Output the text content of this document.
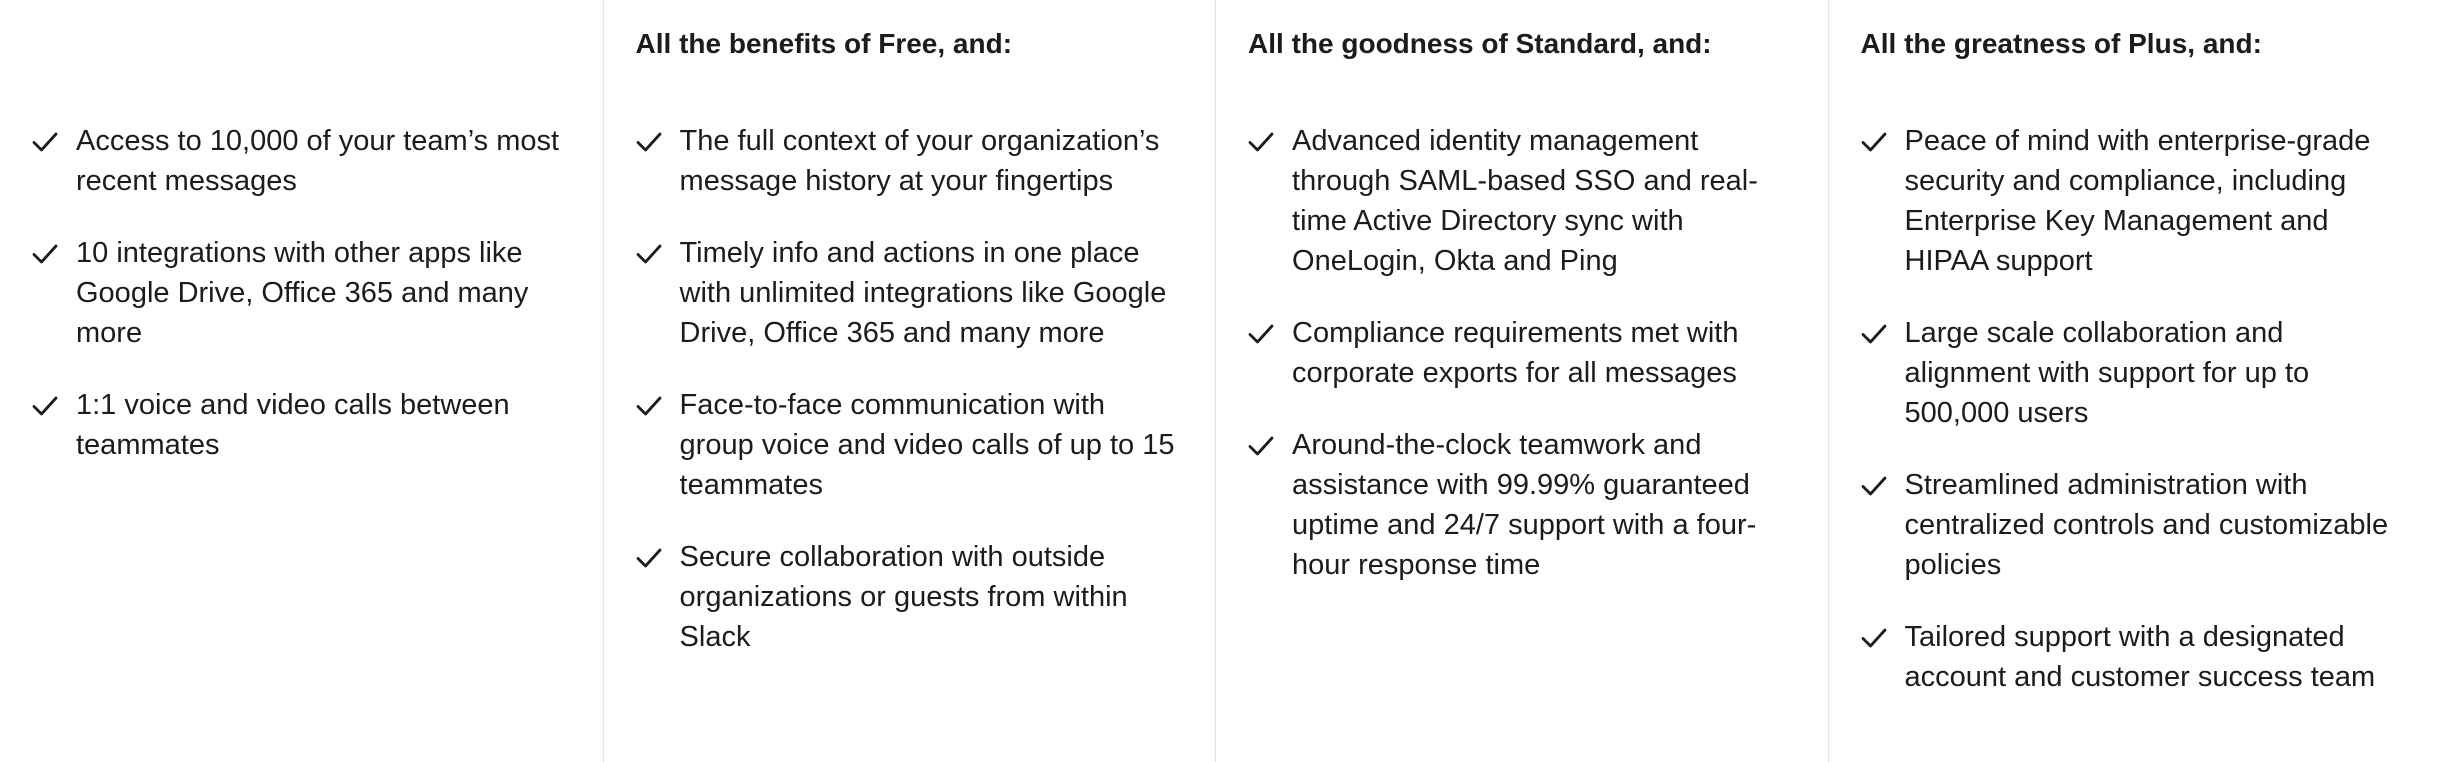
Access to 10,000 of your team’s most recent messages
10 integrations with other apps like Google Drive, Office 365 and many more
1:1 voice and video calls between teammates
All the benefits of Free, and:
The full context of your organization’s message history at your fingertips
Timely info and actions in one place with unlimited integrations like Google Drive, Office 365 and many more
Face-to-face communication with group voice and video calls of up to 15 teammates
Secure collaboration with outside organizations or guests from within Slack
All the goodness of Standard, and:
Advanced identity management through SAML-based SSO and real-time Active Directory sync with OneLogin, Okta and Ping
Compliance requirements met with corporate exports for all messages
Around-the-clock teamwork and assistance with 99.99% guaranteed uptime and 24/7 support with a four-hour response time
All the greatness of Plus, and:
Peace of mind with enterprise-grade security and compliance, including Enterprise Key Management and HIPAA support
Large scale collaboration and alignment with support for up to 500,000 users
Streamlined administration with centralized controls and customizable policies
Tailored support with a designated account and customer success team
